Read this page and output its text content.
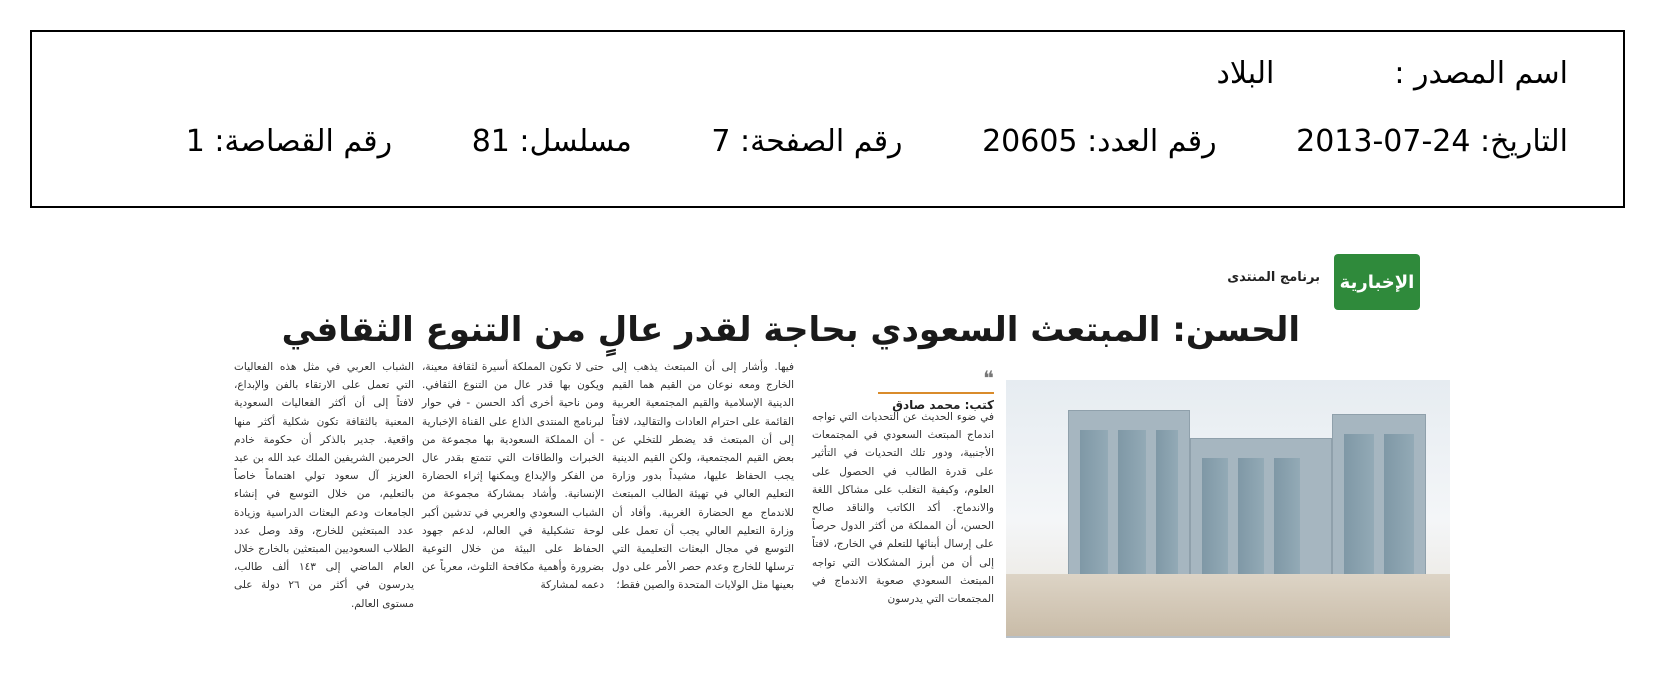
اسم المصدر :البلاد
التاريخ: 2013-07-24 رقم العدد: 20605 رقم الصفحة: 7 مسلسل: 81 رقم القصاصة: 1
الإخبارية
برنامج المنتدى
الحسن: المبتعث السعودي بحاجة لقدر عالٍ من التنوع الثقافي
❝
كتب: محمد صادق

في ضوء الحديث عن التحديات التي تواجه اندماج المبتعث السعودي في المجتمعات الأجنبية، ودور تلك التحديات في التأثير على قدرة الطالب في الحصول على العلوم، وكيفية التغلب على مشاكل اللغة والاندماج. أكد الكاتب والناقد صالح الحسن، أن المملكة من أكثر الدول حرصاً على إرسال أبنائها للتعلم في الخارج، لافتاً إلى أن من أبرز المشكلات التي تواجه المبتعث السعودي صعوبة الاندماج في المجتمعات التي يدرسون

فيها. وأشار إلى أن المبتعث يذهب إلى الخارج ومعه نوعان من القيم هما القيم الدينية الإسلامية والقيم المجتمعية العربية القائمة على احترام العادات والتقاليد، لافتاً إلى أن المبتعث قد يضطر للتخلي عن بعض القيم المجتمعية، ولكن القيم الدينية يجب الحفاظ عليها، مشيداً بدور وزارة التعليم العالي في تهيئة الطالب المبتعث للاندماج مع الحضارة الغربية. وأفاد أن وزارة التعليم العالي يجب أن تعمل على التوسع في مجال البعثات التعليمية التي ترسلها للخارج وعدم حصر الأمر على دول بعينها مثل الولايات المتحدة والصين فقط؛

حتى لا تكون المملكة أسيرة لثقافة معينة، ويكون بها قدر عال من التنوع الثقافي. ومن ناحية أخرى أكد الحسن - في حوار لبرنامج المنتدى الذاع على القناة الإخبارية - أن المملكة السعودية بها مجموعة من الخبرات والطاقات التي تتمتع بقدر عال من الفكر والإبداع ويمكنها إثراء الحضارة الإنسانية. وأشاد بمشاركة مجموعة من الشباب السعودي والعربي في تدشين أكبر لوحة تشكيلية في العالم، لدعم جهود الحفاظ على البيئة من خلال التوعية بضرورة وأهمية مكافحة التلوث، معرباً عن دعمه لمشاركة

الشباب العربي في مثل هذه الفعاليات التي تعمل على الارتقاء بالفن والإبداع، لافتاً إلى أن أكثر الفعاليات السعودية المعنية بالثقافة تكون شكلية أكثر منها واقعية. جدير بالذكر أن حكومة خادم الحرمين الشريفين الملك عبد الله بن عبد العزيز آل سعود تولي اهتماماً خاصاً بالتعليم، من خلال التوسع في إنشاء الجامعات ودعم البعثات الدراسية وزيادة عدد المبتعثين للخارج، وقد وصل عدد الطلاب السعوديين المبتعثين بالخارج خلال العام الماضي إلى ١٤٣ ألف طالب، يدرسون في أكثر من ٢٦ دولة على مستوى العالم.
